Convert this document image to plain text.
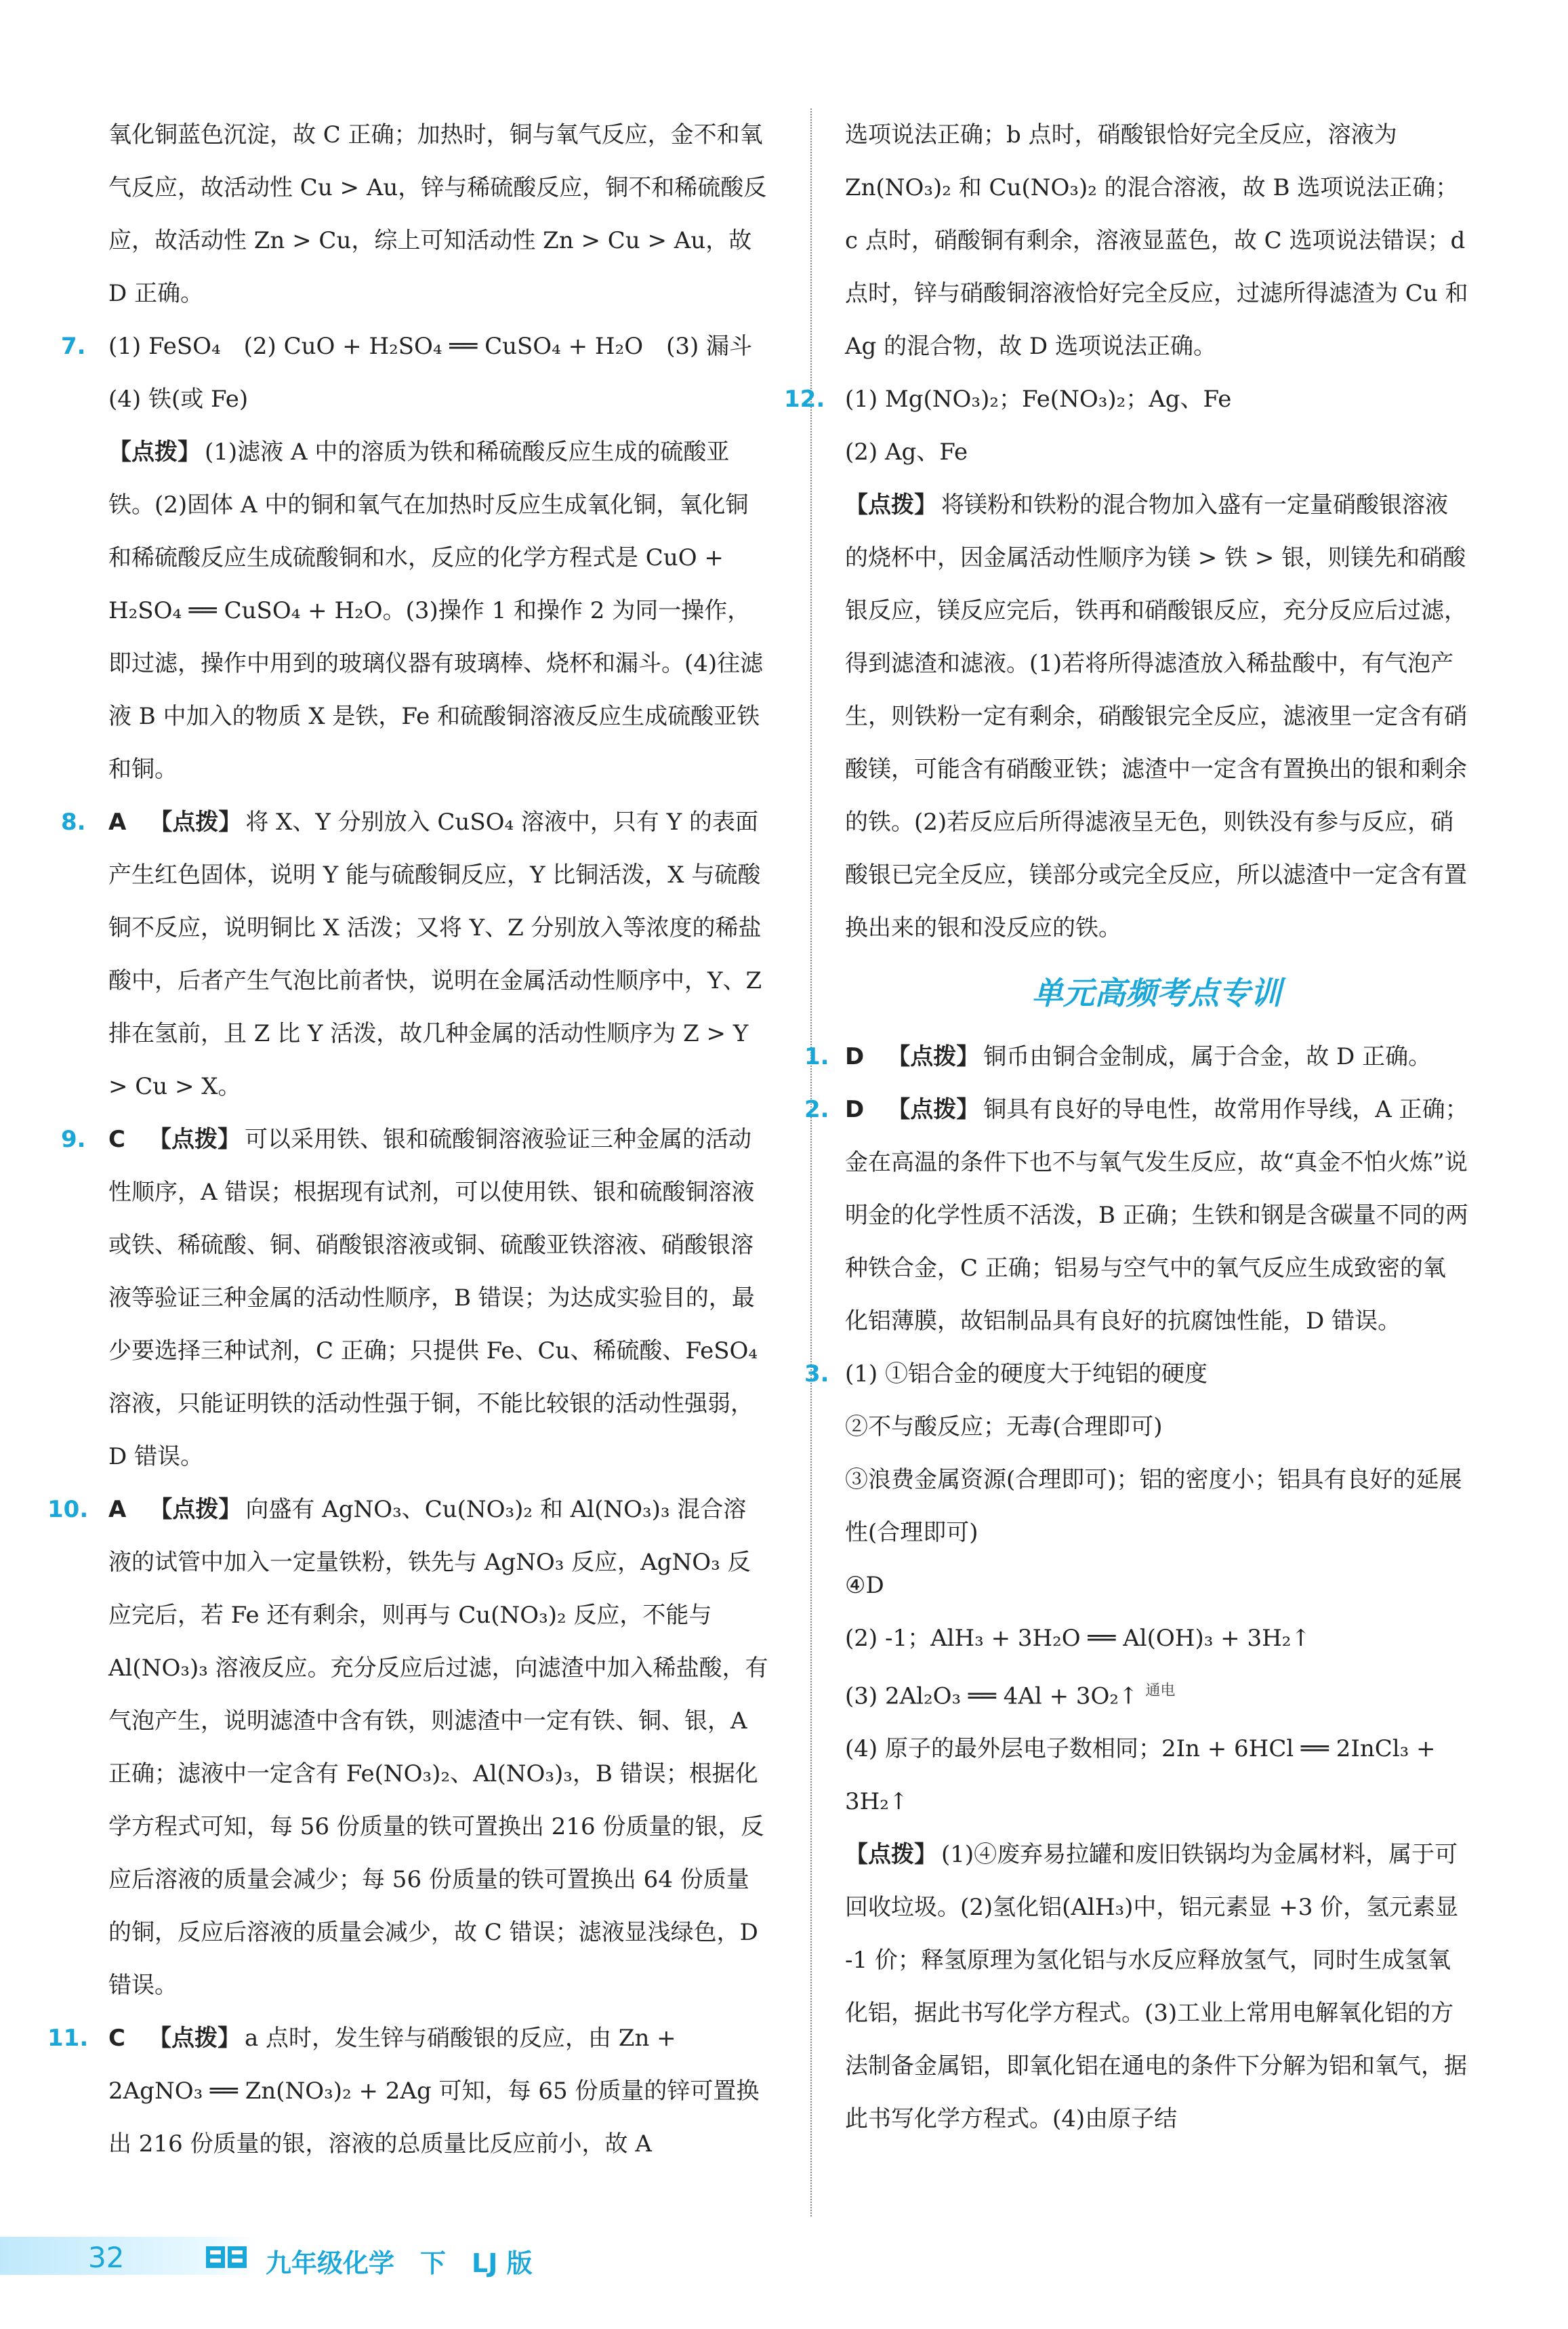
氧化铜蓝色沉淀，故 C 正确；加热时，铜与氧气反应，金不和氧气反应，故活动性 Cu > Au，锌与稀硫酸反应，铜不和稀硫酸反应，故活动性 Zn > Cu，综上可知活动性 Zn > Cu > Au，故 D 正确。

7. (1) FeSO₄　(2) CuO + H₂SO₄ ══ CuSO₄ + H₂O　(3) 漏斗　(4) 铁(或 Fe)

【点拨】 (1)滤液 A 中的溶质为铁和稀硫酸反应生成的硫酸亚铁。(2)固体 A 中的铜和氧气在加热时反应生成氧化铜，氧化铜和稀硫酸反应生成硫酸铜和水，反应的化学方程式是 CuO + H₂SO₄ ══ CuSO₄ + H₂O。(3)操作 1 和操作 2 为同一操作，即过滤，操作中用到的玻璃仪器有玻璃棒、烧杯和漏斗。(4)往滤液 B 中加入的物质 X 是铁，Fe 和硫酸铜溶液反应生成硫酸亚铁和铜。

8. A 【点拨】 将 X、Y 分别放入 CuSO₄ 溶液中，只有 Y 的表面产生红色固体，说明 Y 能与硫酸铜反应，Y 比铜活泼，X 与硫酸铜不反应，说明铜比 X 活泼；又将 Y、Z 分别放入等浓度的稀盐酸中，后者产生气泡比前者快，说明在金属活动性顺序中，Y、Z 排在氢前，且 Z 比 Y 活泼，故几种金属的活动性顺序为 Z > Y > Cu > X。

9. C 【点拨】 可以采用铁、银和硫酸铜溶液验证三种金属的活动性顺序，A 错误；根据现有试剂，可以使用铁、银和硫酸铜溶液或铁、稀硫酸、铜、硝酸银溶液或铜、硫酸亚铁溶液、硝酸银溶液等验证三种金属的活动性顺序，B 错误；为达成实验目的，最少要选择三种试剂，C 正确；只提供 Fe、Cu、稀硫酸、FeSO₄ 溶液，只能证明铁的活动性强于铜，不能比较银的活动性强弱，D 错误。

10. A 【点拨】 向盛有 AgNO₃、Cu(NO₃)₂ 和 Al(NO₃)₃ 混合溶液的试管中加入一定量铁粉，铁先与 AgNO₃ 反应，AgNO₃ 反应完后，若 Fe 还有剩余，则再与 Cu(NO₃)₂ 反应，不能与 Al(NO₃)₃ 溶液反应。充分反应后过滤，向滤渣中加入稀盐酸，有气泡产生，说明滤渣中含有铁，则滤渣中一定有铁、铜、银，A 正确；滤液中一定含有 Fe(NO₃)₂、Al(NO₃)₃，B 错误；根据化学方程式可知，每 56 份质量的铁可置换出 216 份质量的银，反应后溶液的质量会减少；每 56 份质量的铁可置换出 64 份质量的铜，反应后溶液的质量会减少，故 C 错误；滤液显浅绿色，D 错误。

11. C 【点拨】 a 点时，发生锌与硝酸银的反应，由 Zn + 2AgNO₃ ══ Zn(NO₃)₂ + 2Ag 可知，每 65 份质量的锌可置换出 216 份质量的银，溶液的总质量比反应前小，故 A

选项说法正确；b 点时，硝酸银恰好完全反应，溶液为 Zn(NO₃)₂ 和 Cu(NO₃)₂ 的混合溶液，故 B 选项说法正确；c 点时，硝酸铜有剩余，溶液显蓝色，故 C 选项说法错误；d 点时，锌与硝酸铜溶液恰好完全反应，过滤所得滤渣为 Cu 和 Ag 的混合物，故 D 选项说法正确。

12. (1) Mg(NO₃)₂；Fe(NO₃)₂；Ag、Fe

(2) Ag、Fe

【点拨】 将镁粉和铁粉的混合物加入盛有一定量硝酸银溶液的烧杯中，因金属活动性顺序为镁 > 铁 > 银，则镁先和硝酸银反应，镁反应完后，铁再和硝酸银反应，充分反应后过滤，得到滤渣和滤液。(1)若将所得滤渣放入稀盐酸中，有气泡产生，则铁粉一定有剩余，硝酸银完全反应，滤液里一定含有硝酸镁，可能含有硝酸亚铁；滤渣中一定含有置换出的银和剩余的铁。(2)若反应后所得滤液呈无色，则铁没有参与反应，硝酸银已完全反应，镁部分或完全反应，所以滤渣中一定含有置换出来的银和没反应的铁。

单元高频考点专训
1. D 【点拨】 铜币由铜合金制成，属于合金，故 D 正确。

2. D 【点拨】 铜具有良好的导电性，故常用作导线，A 正确；金在高温的条件下也不与氧气发生反应，故“真金不怕火炼”说明金的化学性质不活泼，B 正确；生铁和钢是含碳量不同的两种铁合金，C 正确；铝易与空气中的氧气反应生成致密的氧化铝薄膜，故铝制品具有良好的抗腐蚀性能，D 错误。

3. (1) ①铝合金的硬度大于纯铝的硬度

②不与酸反应；无毒(合理即可)

③浪费金属资源(合理即可)；铝的密度小；铝具有良好的延展性(合理即可)

④D

(2) -1；AlH₃ + 3H₂O ══ Al(OH)₃ + 3H₂↑

(3) 2Al₂O₃ ══ 4Al + 3O₂↑ $^{通电}$

(4) 原子的最外层电子数相同；2In + 6HCl ══ 2InCl₃ + 3H₂↑

【点拨】 (1)④废弃易拉罐和废旧铁锅均为金属材料，属于可回收垃圾。(2)氢化铝(AlH₃)中，铝元素显 +3 价，氢元素显 -1 价；释氢原理为氢化铝与水反应释放氢气，同时生成氢氧化铝，据此书写化学方程式。(3)工业上常用电解氧化铝的方法制备金属铝，即氧化铝在通电的条件下分解为铝和氧气，据此书写化学方程式。(4)由原子结

32	九年级化学　下　LJ 版
